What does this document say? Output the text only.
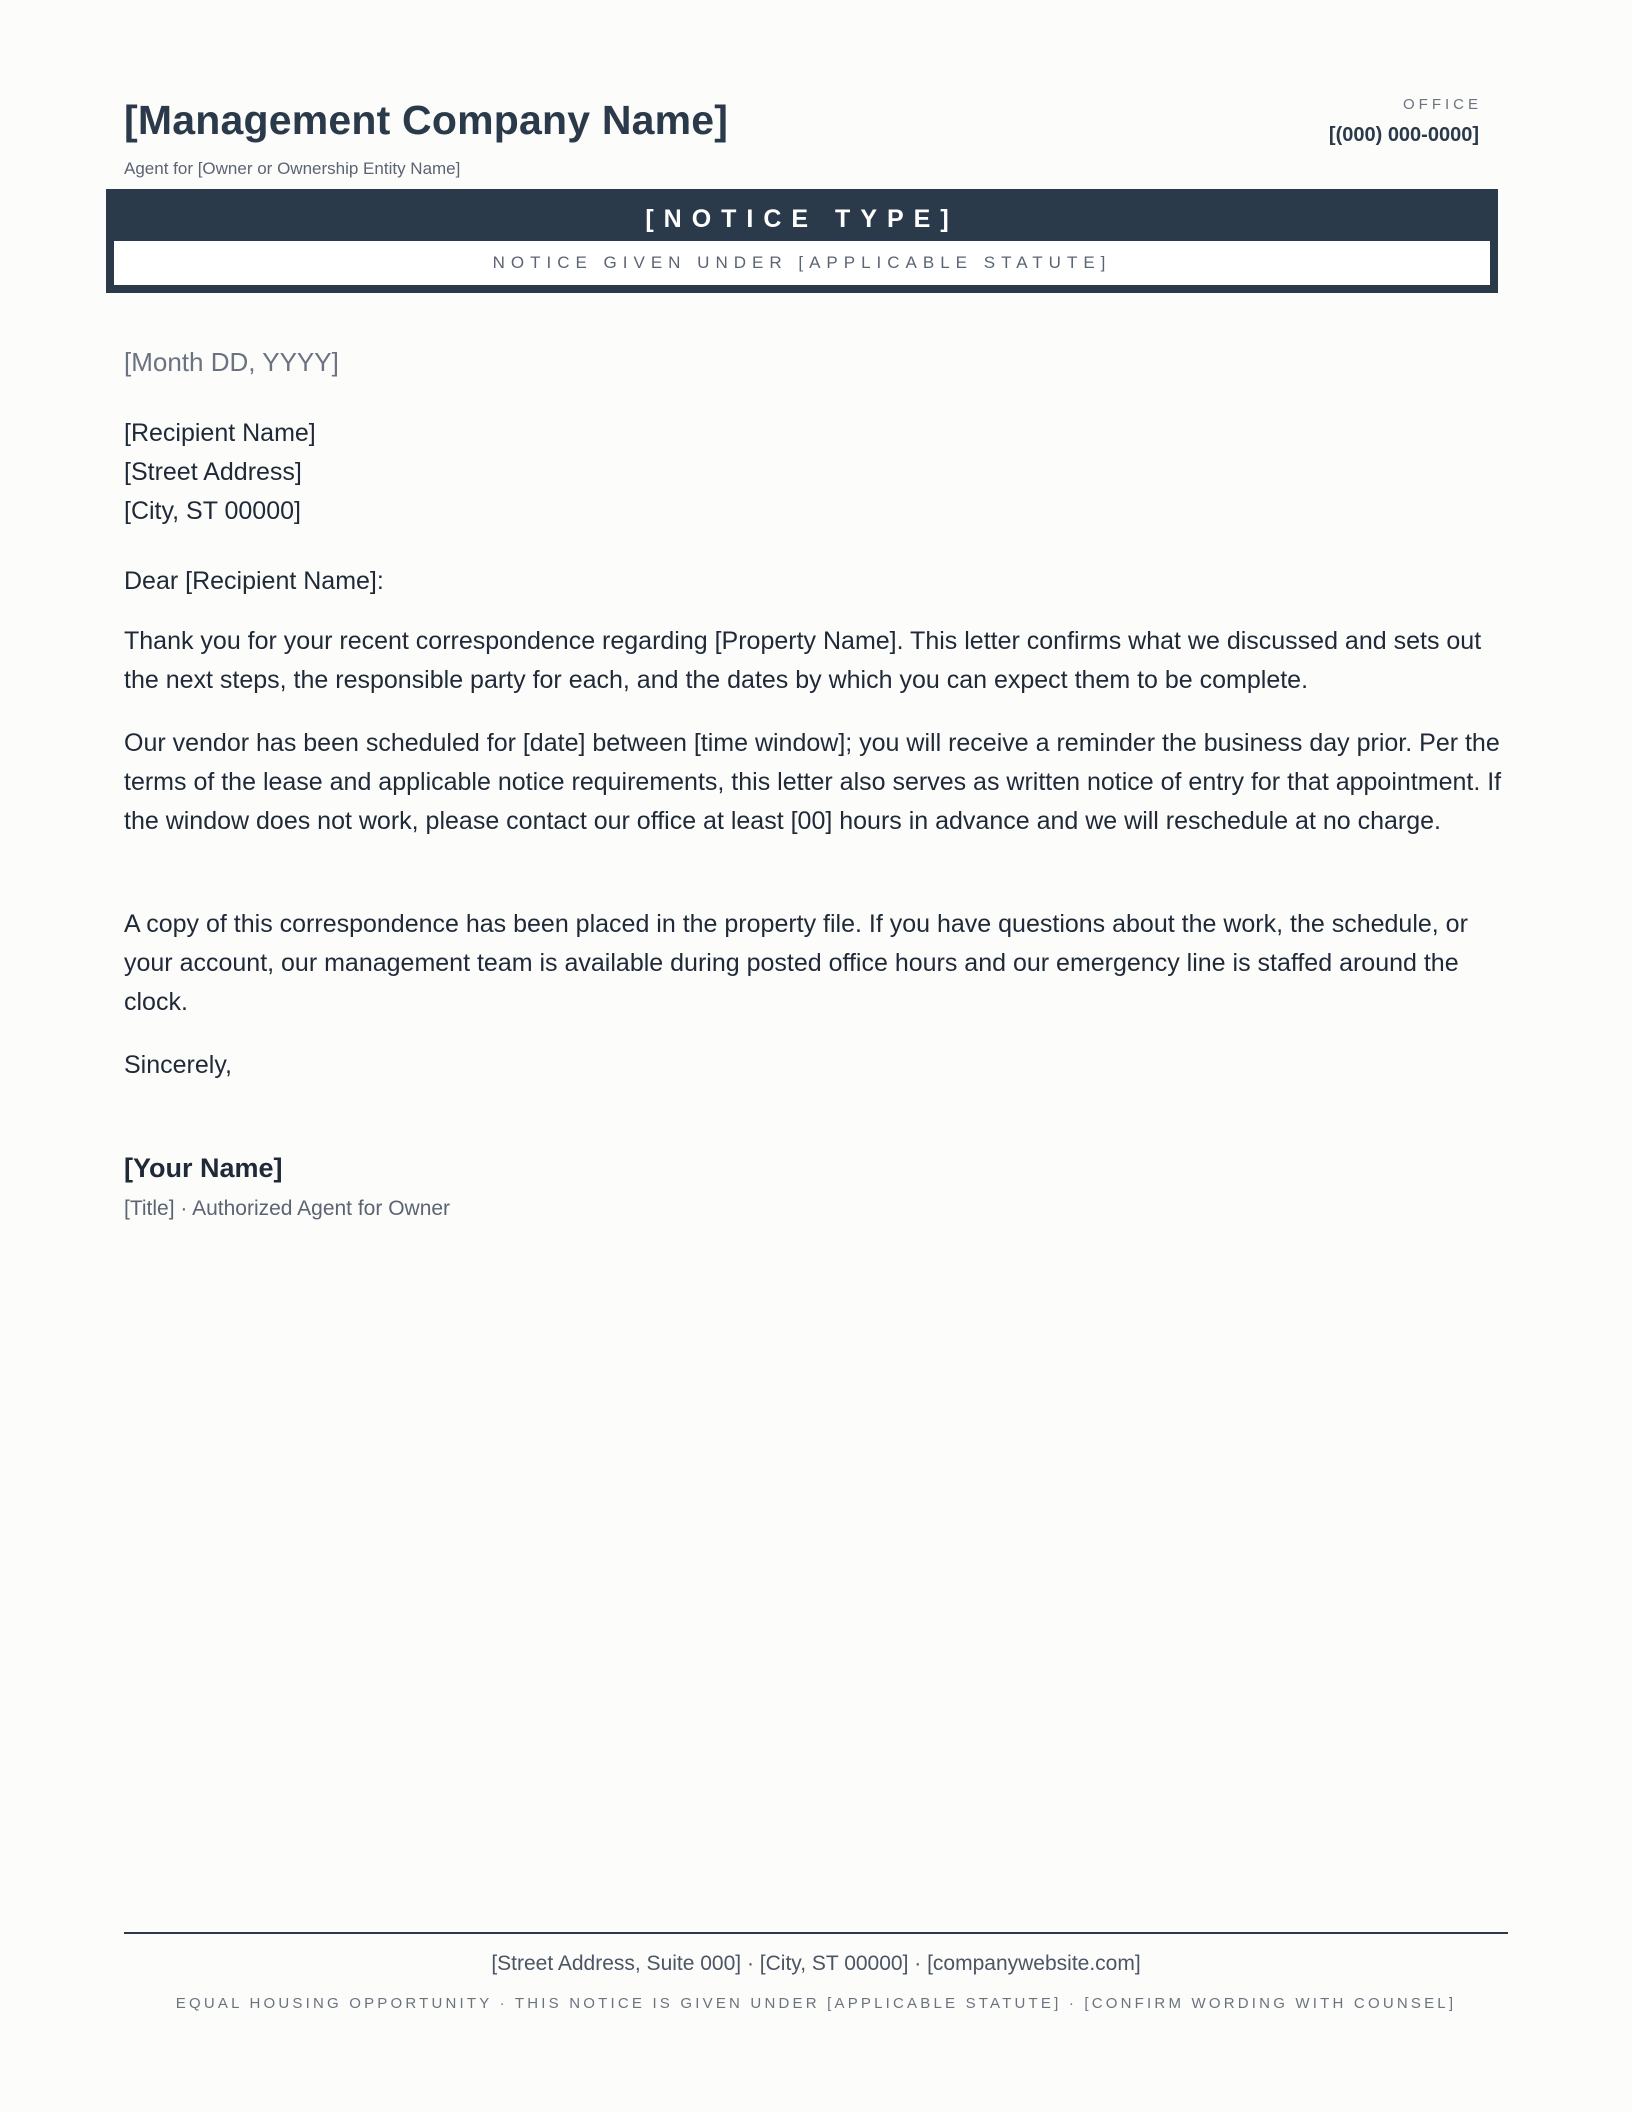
[Management Company Name]
Agent for [Owner or Ownership Entity Name]
OFFICE
[(000) 000-0000]
[NOTICE TYPE]
NOTICE GIVEN UNDER [APPLICABLE STATUTE]
[Month DD, YYYY]
[Recipient Name]
[Street Address]
[City, ST 00000]
Dear [Recipient Name]:
Thank you for your recent correspondence regarding [Property Name]. This letter confirms what we discussed and sets out the next steps, the responsible party for each, and the dates by which you can expect them to be complete.
Our vendor has been scheduled for [date] between [time window]; you will receive a reminder the business day prior. Per the terms of the lease and applicable notice requirements, this letter also serves as written notice of entry for that appointment. If the window does not work, please contact our office at least [00] hours in advance and we will reschedule at no charge.
A copy of this correspondence has been placed in the property file. If you have questions about the work, the schedule, or your account, our management team is available during posted office hours and our emergency line is staffed around the clock.
Sincerely,
[Your Name]
[Title] · Authorized Agent for Owner
[Street Address, Suite 000] · [City, ST 00000] · [companywebsite.com]
EQUAL HOUSING OPPORTUNITY · THIS NOTICE IS GIVEN UNDER [APPLICABLE STATUTE] · [CONFIRM WORDING WITH COUNSEL]
